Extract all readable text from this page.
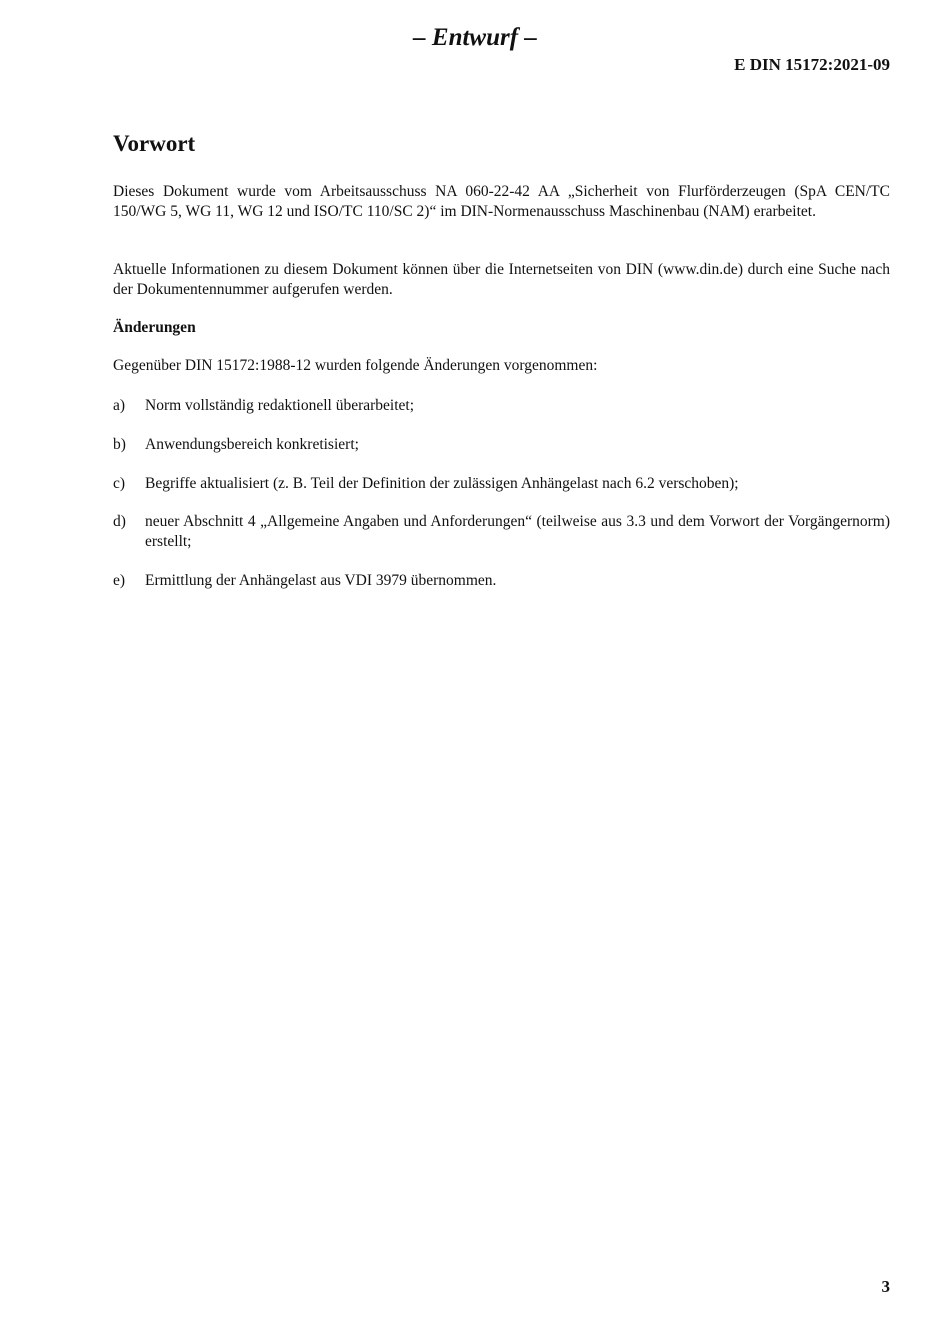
– Entwurf –
E DIN 15172:2021-09
Vorwort
Dieses Dokument wurde vom Arbeitsausschuss NA 060-22-42 AA „Sicherheit von Flurförderzeugen (SpA CEN/TC 150/WG 5, WG 11, WG 12 und ISO/TC 110/SC 2)“ im DIN-Normenausschuss Maschinenbau (NAM) erarbeitet.
Aktuelle Informationen zu diesem Dokument können über die Internetseiten von DIN (www.din.de) durch eine Suche nach der Dokumentennummer aufgerufen werden.
Änderungen
Gegenüber DIN 15172:1988-12 wurden folgende Änderungen vorgenommen:
a)	Norm vollständig redaktionell überarbeitet;
b)	Anwendungsbereich konkretisiert;
c)	Begriffe aktualisiert (z. B. Teil der Definition der zulässigen Anhängelast nach 6.2 verschoben);
d)	neuer Abschnitt 4 „Allgemeine Angaben und Anforderungen“ (teilweise aus 3.3 und dem Vorwort der Vorgängernorm) erstellt;
e)	Ermittlung der Anhängelast aus VDI 3979 übernommen.
3
